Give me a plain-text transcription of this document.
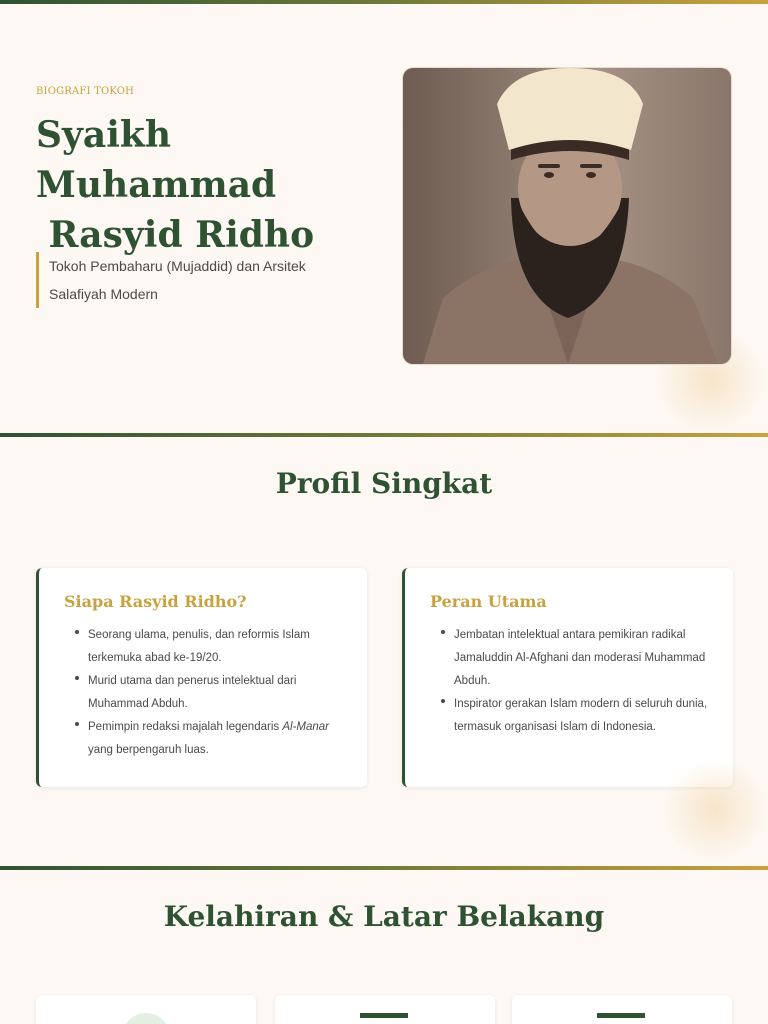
BIOGRAFI TOKOH
Syaikh
Muhammad
Rasyid Ridho

Tokoh Pembaharu (Mujaddid) dan Arsitek Salafiyah Modern

Profil Singkat
Siapa Rasyid Ridho?
Seorang ulama, penulis, dan reformis Islam terkemuka abad ke-19/20.
Murid utama dan penerus intelektual dari Muhammad Abduh.
Pemimpin redaksi majalah legendaris Al-Manar yang berpengaruh luas.
Peran Utama
Jembatan intelektual antara pemikiran radikal Jamaluddin Al-Afghani dan moderasi Muhammad Abduh.
Inspirator gerakan Islam modern di seluruh dunia, termasuk organisasi Islam di Indonesia.
Kelahiran & Latar Belakang
